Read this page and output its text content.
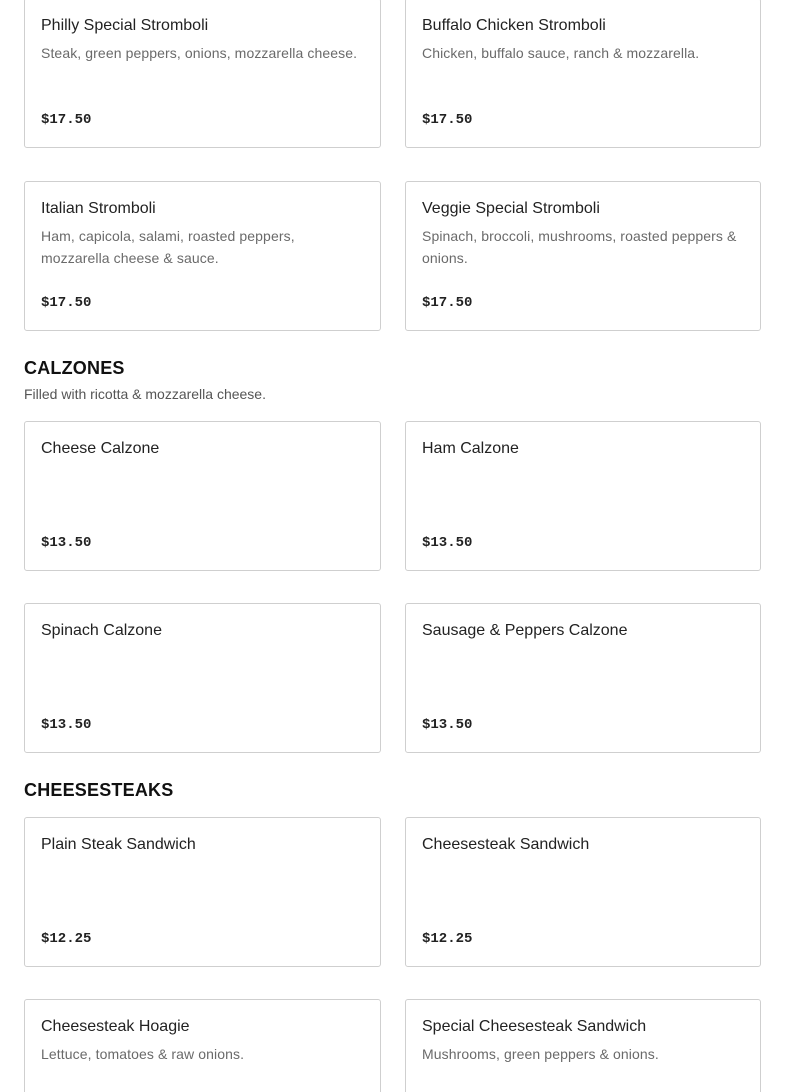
Philly Special Stromboli
Steak, green peppers, onions, mozzarella cheese.
$17.50
Buffalo Chicken Stromboli
Chicken, buffalo sauce, ranch & mozzarella.
$17.50
Italian Stromboli
Ham, capicola, salami, roasted peppers, mozzarella cheese & sauce.
$17.50
Veggie Special Stromboli
Spinach, broccoli, mushrooms, roasted peppers & onions.
$17.50
CALZONES
Filled with ricotta & mozzarella cheese.
Cheese Calzone
$13.50
Ham Calzone
$13.50
Spinach Calzone
$13.50
Sausage & Peppers Calzone
$13.50
CHEESESTEAKS
Plain Steak Sandwich
$12.25
Cheesesteak Sandwich
$12.25
Cheesesteak Hoagie
Lettuce, tomatoes & raw onions.
Special Cheesesteak Sandwich
Mushrooms, green peppers & onions.
